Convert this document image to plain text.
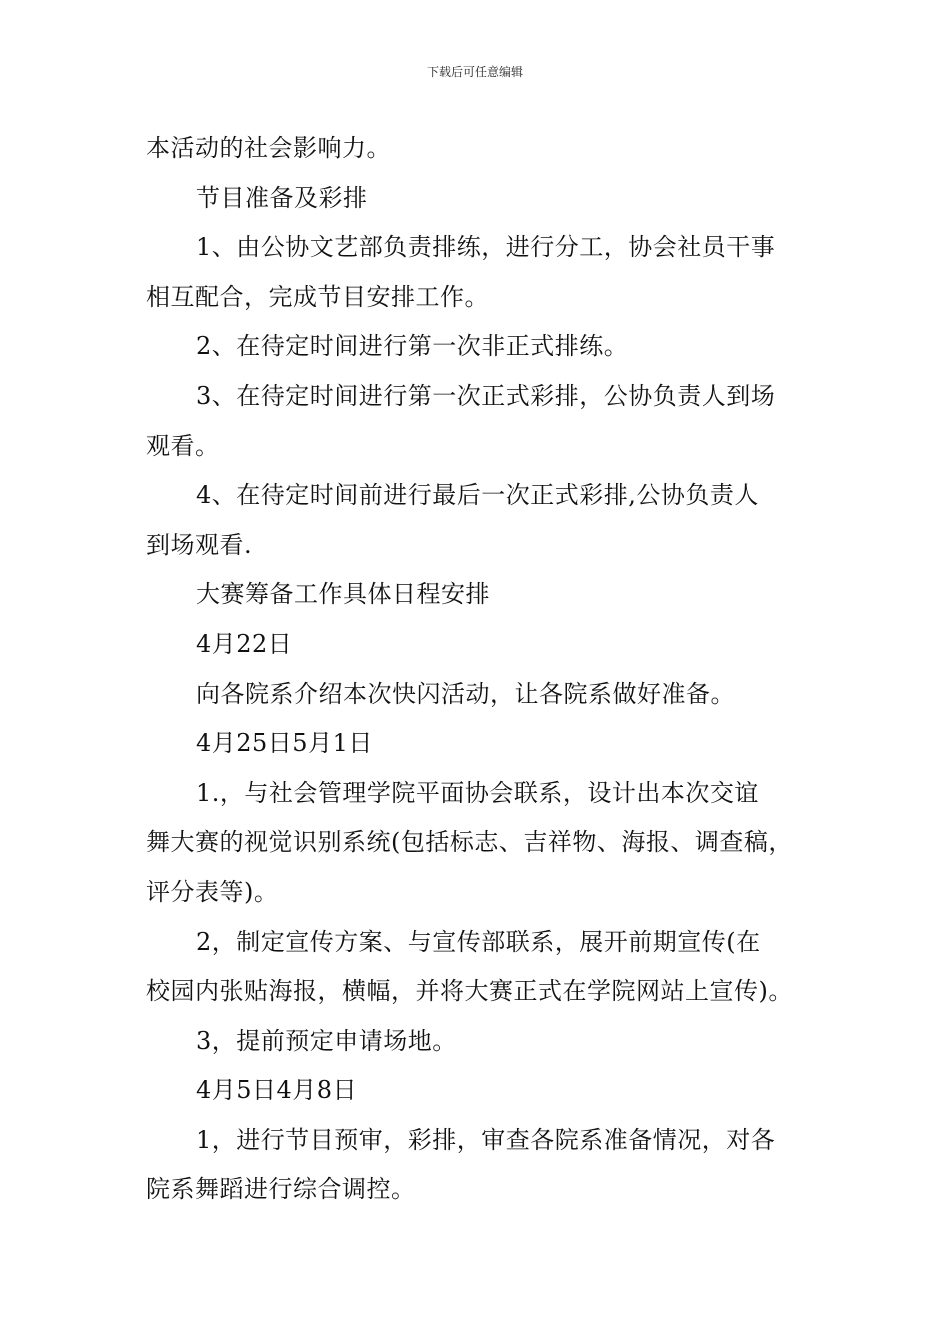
下载后可任意编辑
本活动的社会影响力。
节目准备及彩排
1、由公协文艺部负责排练，进行分工，协会社员干事
相互配合，完成节目安排工作。
2、在待定时间进行第一次非正式排练。
3、在待定时间进行第一次正式彩排，公协负责人到场
观看。
4、在待定时间前进行最后一次正式彩排,公协负责人
到场观看.
大赛筹备工作具体日程安排
4月22日
向各院系介绍本次快闪活动，让各院系做好准备。
4月25日5月1日
1.，与社会管理学院平面协会联系，设计出本次交谊
舞大赛的视觉识别系统(包括标志、吉祥物、海报、调查稿，
评分表等)。
2，制定宣传方案、与宣传部联系，展开前期宣传(在
校园内张贴海报，横幅，并将大赛正式在学院网站上宣传)。
3，提前预定申请场地。
4月5日4月8日
1，进行节目预审，彩排，审查各院系准备情况，对各
院系舞蹈进行综合调控。
